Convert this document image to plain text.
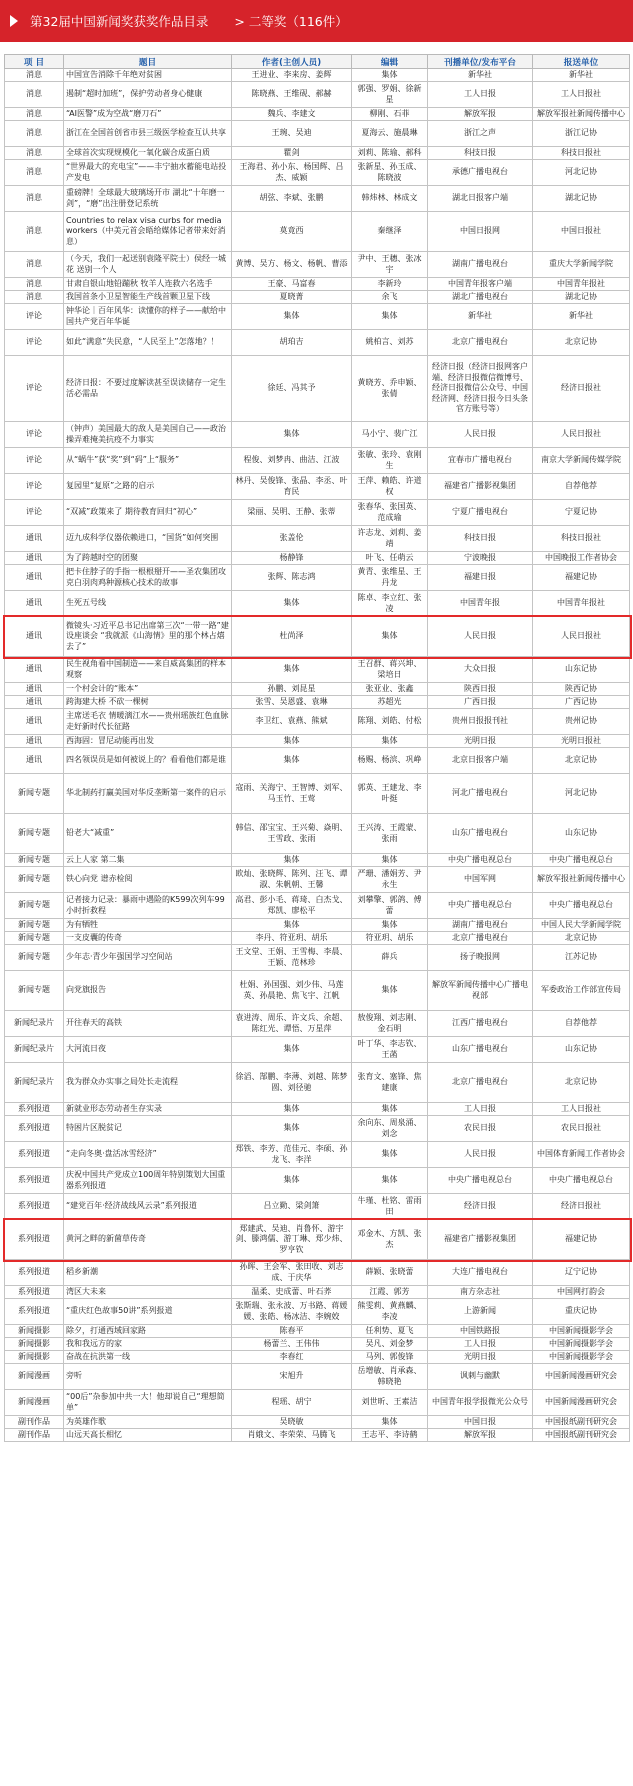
第32届中国新闻奖获奖作品目录 > 二等奖（116件）
项 目	题目	作者(主创人员)	编辑	刊播单位/发布平台	报送单位
消息	中国宣告消除千年绝对贫困	王进业、李来房、姜辉	集体	新华社	新华社
消息	遏制“超时加班”，保护劳动者身心健康	陈晓燕、王维砚、郝赫	郭强、罗娟、徐新星	工人日报	工人日报社
消息	“AI医警”成为空战“磨刀石”	魏兵、李建文	柳刚、石菲	解放军报	解放军报社新闻传播中心
消息	浙江在全国首创省市县三级医学检查互认共享	王琬、吴迪	夏海云、施晨琳	浙江之声	浙江记协
消息	全球首次实现规模化一氧化碳合成蛋白质	瞿剑	刘莉、陈瑜、郝科	科技日报	科技日报社
消息	“世界最大的充电宝”——丰宁抽水蓄能电站投产发电	王海君、孙小东、杨国辉、吕杰、威颖	张新星、孙玉成、陈晓波	承德广播电视台	河北记协
消息	重磅牌！全球最大玻璃场开市 湖北“十年磨一剑”，“磨”出注册登记系统	胡弦、李斌、张鹏	韩炜林、林成文	湖北日报客户端	湖北记协
消息	Countries to relax visa curbs for media workers（中美元首会晤给媒体记者带来好消息）	莫竟西	秦继泽	中国日报网	中国日报社
消息	（今天，我们一起送别袁隆平院士）侯经一城花 送别一个人	黄博、吴方、杨文、杨帆、曹添	尹中、王穗、张冰宇	湖南广播电视台	重庆大学新闻学院
消息	甘肃自银山地铅蹦秋 牧羊人连救六名选手	王豪、马富春	李新玲	中国青年报客户端	中国青年报社
消息	我国首条小卫星智能生产线首颗卫星下线	夏晓菁	余飞	湖北广播电视台	湖北记协
评论	钟华论｜百年风华：读懂你的样子——献给中国共产党百年华诞	集体	集体	新华社	新华社
评论	如此“满意”失民意，“人民至上”怎落地？！	胡珀吉	姚柏言、刘苏	北京广播电视台	北京记协
评论	经济日报：不要过度解读甚至误读储存一定生活必需品	徐廷、冯其予	黄晓芳、乔申颖、张倩	经济日报（经济日报网客户端、经济日报微信微博号、经济日报微信公众号、中国经济网、经济日报今日头条官方账号等）	经济日报社
评论	（钟声）美国最大的敌人是美国自己——政治操弄难掩美抗疫不力事实	集体	马小宁、裴广江	人民日报	人民日报社
评论	从“蜗牛”获“奖”到“码”上“服务”	程俊、刘梦冉、曲洁、江波	张敏、张玲、袁刚生	宜春市广播电视台	南京大学新闻传媒学院
评论	复园里“复原”之路的启示	林丹、吴俊锋、张晶、李丞、叶育民	王萍、赖皓、许道权	福建省广播影视集团	自荐他荐
评论	“双减”政策来了 期待教育回归“初心”	梁丽、吴明、王静、张蒂	张春华、张国英、范成瑜	宁夏广播电视台	宁夏记协
通讯	迈九成科学仪器依赖进口，“国货”如何突围	张盖伦	许志龙、刘莉、姜靖	科技日报	科技日报社
通讯	为了跨越时空的团聚	杨静锋	叶飞、任萌云	宁波晚报	中国晚报工作者协会
通讯	把卡住脖子的手指一根根掰开——圣农集团攻克白羽肉鸡种源核心技术的故事	张辉、陈志鸿	黄青、张维星、王丹龙	福建日报	福建记协
通讯	生死五号线	集体	陈卓、李立红、张凌	中国青年报	中国青年报社
通讯	微镜头·习近平总书记出席第三次“一带一路”建设座谈会 “我就派《山海情》里的那个林占熺去了”	杜尚泽	集体	人民日报	人民日报社
通讯	民生视角看中国制造——来自威高集团的样本观察	集体	王召群、蒋兴坤、梁培日	大众日报	山东记协
通讯	一个村会计的“账本”	孙鹏、刘昆星	张亚业、张鑫	陕西日报	陕西记协
通讯	跨海建大桥 不砍一棵树	张雪、吴恩盛、袁琳	苏超光	广西日报	广西记协
通讯	主席送毛衣 情暖漓江水——贵州瑶族红色血脉走好新时代长征路	李卫红、袁燕、熊斌	陈翔、刘皓、付松	贵州日报报刊社	贵州记协
通讯	西海固：冒尼动能再出发	集体	集体	光明日报	光明日报社
通讯	四名领误员是如何被说上的？看看他们都是谁	集体	杨赐、杨滨、巩峥	北京日报客户端	北京记协
新闻专题	华北制药打赢美国对华反垄断第一案件的启示	寇雨、关海宁、王智博、刘军、马玉竹、王莺	郭英、王建龙、李叶挺	河北广播电视台	河北记协
新闻专题	铅老大“减重”	韩信、邵宝宝、王兴菊、焱明、王雪政、张雨	王兴涛、王霞蒙、张雨	山东广播电视台	山东记协
新闻专题	云上人家 第二集	集体	集体	中央广播电视总台	中央广播电视总台
新闻专题	铁心向党 谱赤检阅	欧灿、张晓辉、陈列、汪飞、谭淑、朱帆朝、王馨	严珊、潘娟芳、尹永生	中国军网	解放军报社新闻传播中心
新闻专题	记者接力记录：暴雨中遇险的K599次列车99小时折救程	高君、彭小毛、蒋琦、白杰戈、郑凯、廖松平	刘攀擎、郭鸽、傅蕾	中央广播电视总台	中央广播电视总台
新闻专题	为有牺牲	集体	集体	湖南广播电视台	中国人民大学新闻学院
新闻专题	一支皮囊的传奇	李丹、符亚玥、胡乐	符亚玥、胡乐	北京广播电视台	北京记协
新闻专题	少年志·青少年强国学习空间站	王文堂、王娟、王雪梅、李晨、王颖、范林珍	薛兵	扬子晚报网	江苏记协
新闻专题	向党旗报告	杜娟、孙国强、刘少伟、马莲英、孙晨艳、焦飞宇、江帆	集体	解放军新闻传播中心广播电视部	军委政治工作部宣传局
新闻纪录片	开往春天的高铁	袁进涛、周乐、许文兵、余超、陈红光、谭悟、万星萍	敖俊翔、刘志刚、金石明	江西广播电视台	自荐他荐
新闻纪录片	大河流日夜	集体	叶丁华、李志钦、王菡	山东广播电视台	山东记协
新闻纪录片	我为群众办实事之局处长走流程	徐滔、郜鹏、李薄、刘越、陈梦圆、刘径驰	张育文、塞锋、焦建康	北京广播电视台	北京记协
系列报道	新就业形态劳动者生存实录	集体	集体	工人日报	工人日报社
系列报道	特困片区脱贫记	集体	余向东、周泉涌、刘念	农民日报	农民日报社
系列报道	“走向冬奥·盘活冰雪经济”	郑铁、李芳、范佳元、李硕、孙龙飞、李洋	集体	人民日报	中国体育新闻工作者协会
系列报道	庆祝中国共产党成立100周年特别策划大国重器系列报道	集体	集体	中央广播电视总台	中央广播电视总台
系列报道	“建党百年·经济战线风云录”系列报道	吕立勤、梁剑箫	牛瑾、杜铭、雷雨田	经济日报	经济日报社
系列报道	黄河之畔的新菌草传奇	郑建武、吴迪、肖鲁怀、游宇剑、滕鸿儒、游丁琳、郑少炜、罗亨钦	邓金木、方凯、张杰	福建省广播影视集团	福建记协
系列报道	稻乡新潮	孙晖、王会军、张田收、刘志成、于庆华	薛颖、张晓蕾	大连广播电视台	辽宁记协
系列报道	湾区大未来	温柔、史成蕾、叶石荞	江霞、郭芳	南方杂志社	中国网打韵会
系列报道	“重庆红色故事50讲”系列报道	张斯瑞、张永波、万书路、蒋媛媛、张皓、杨冰洁、李婉姣	熊雯莉、黄燕麟、李凌	上游新闻	重庆记协
新闻摄影	除夕，打通西域回家路	陈春平	任利势、夏飞	中国铁路报	中国新闻摄影学会
新闻摄影	我和我远方的家	杨蕾兰、王伟伟	吴凡、刘金梦	工人日报	中国新闻摄影学会
新闻摄影	奋战在抗洪第一线	李春红	马列、郭俊锋	光明日报	中国新闻摄影学会
新闻漫画	旁听	宋旭升	岳增敏、肖承森、韩晓艳	讽刺与幽默	中国新闻漫画研究会
新闻漫画	“00后”杂参加中共一大！他却说自己“理想简单”	程瑶、胡宁	刘世昕、王素洁	中国青年报学报微光公众号	中国新闻漫画研究会
副刊作品	为英雄作歌	吴晓敏	集体	中国日报	中国报纸副刊研究会
副刊作品	山远天高长相忆	肖娥文、李荣荣、马腾飞	王志平、李诗鹤	解放军报	中国报纸副刊研究会
